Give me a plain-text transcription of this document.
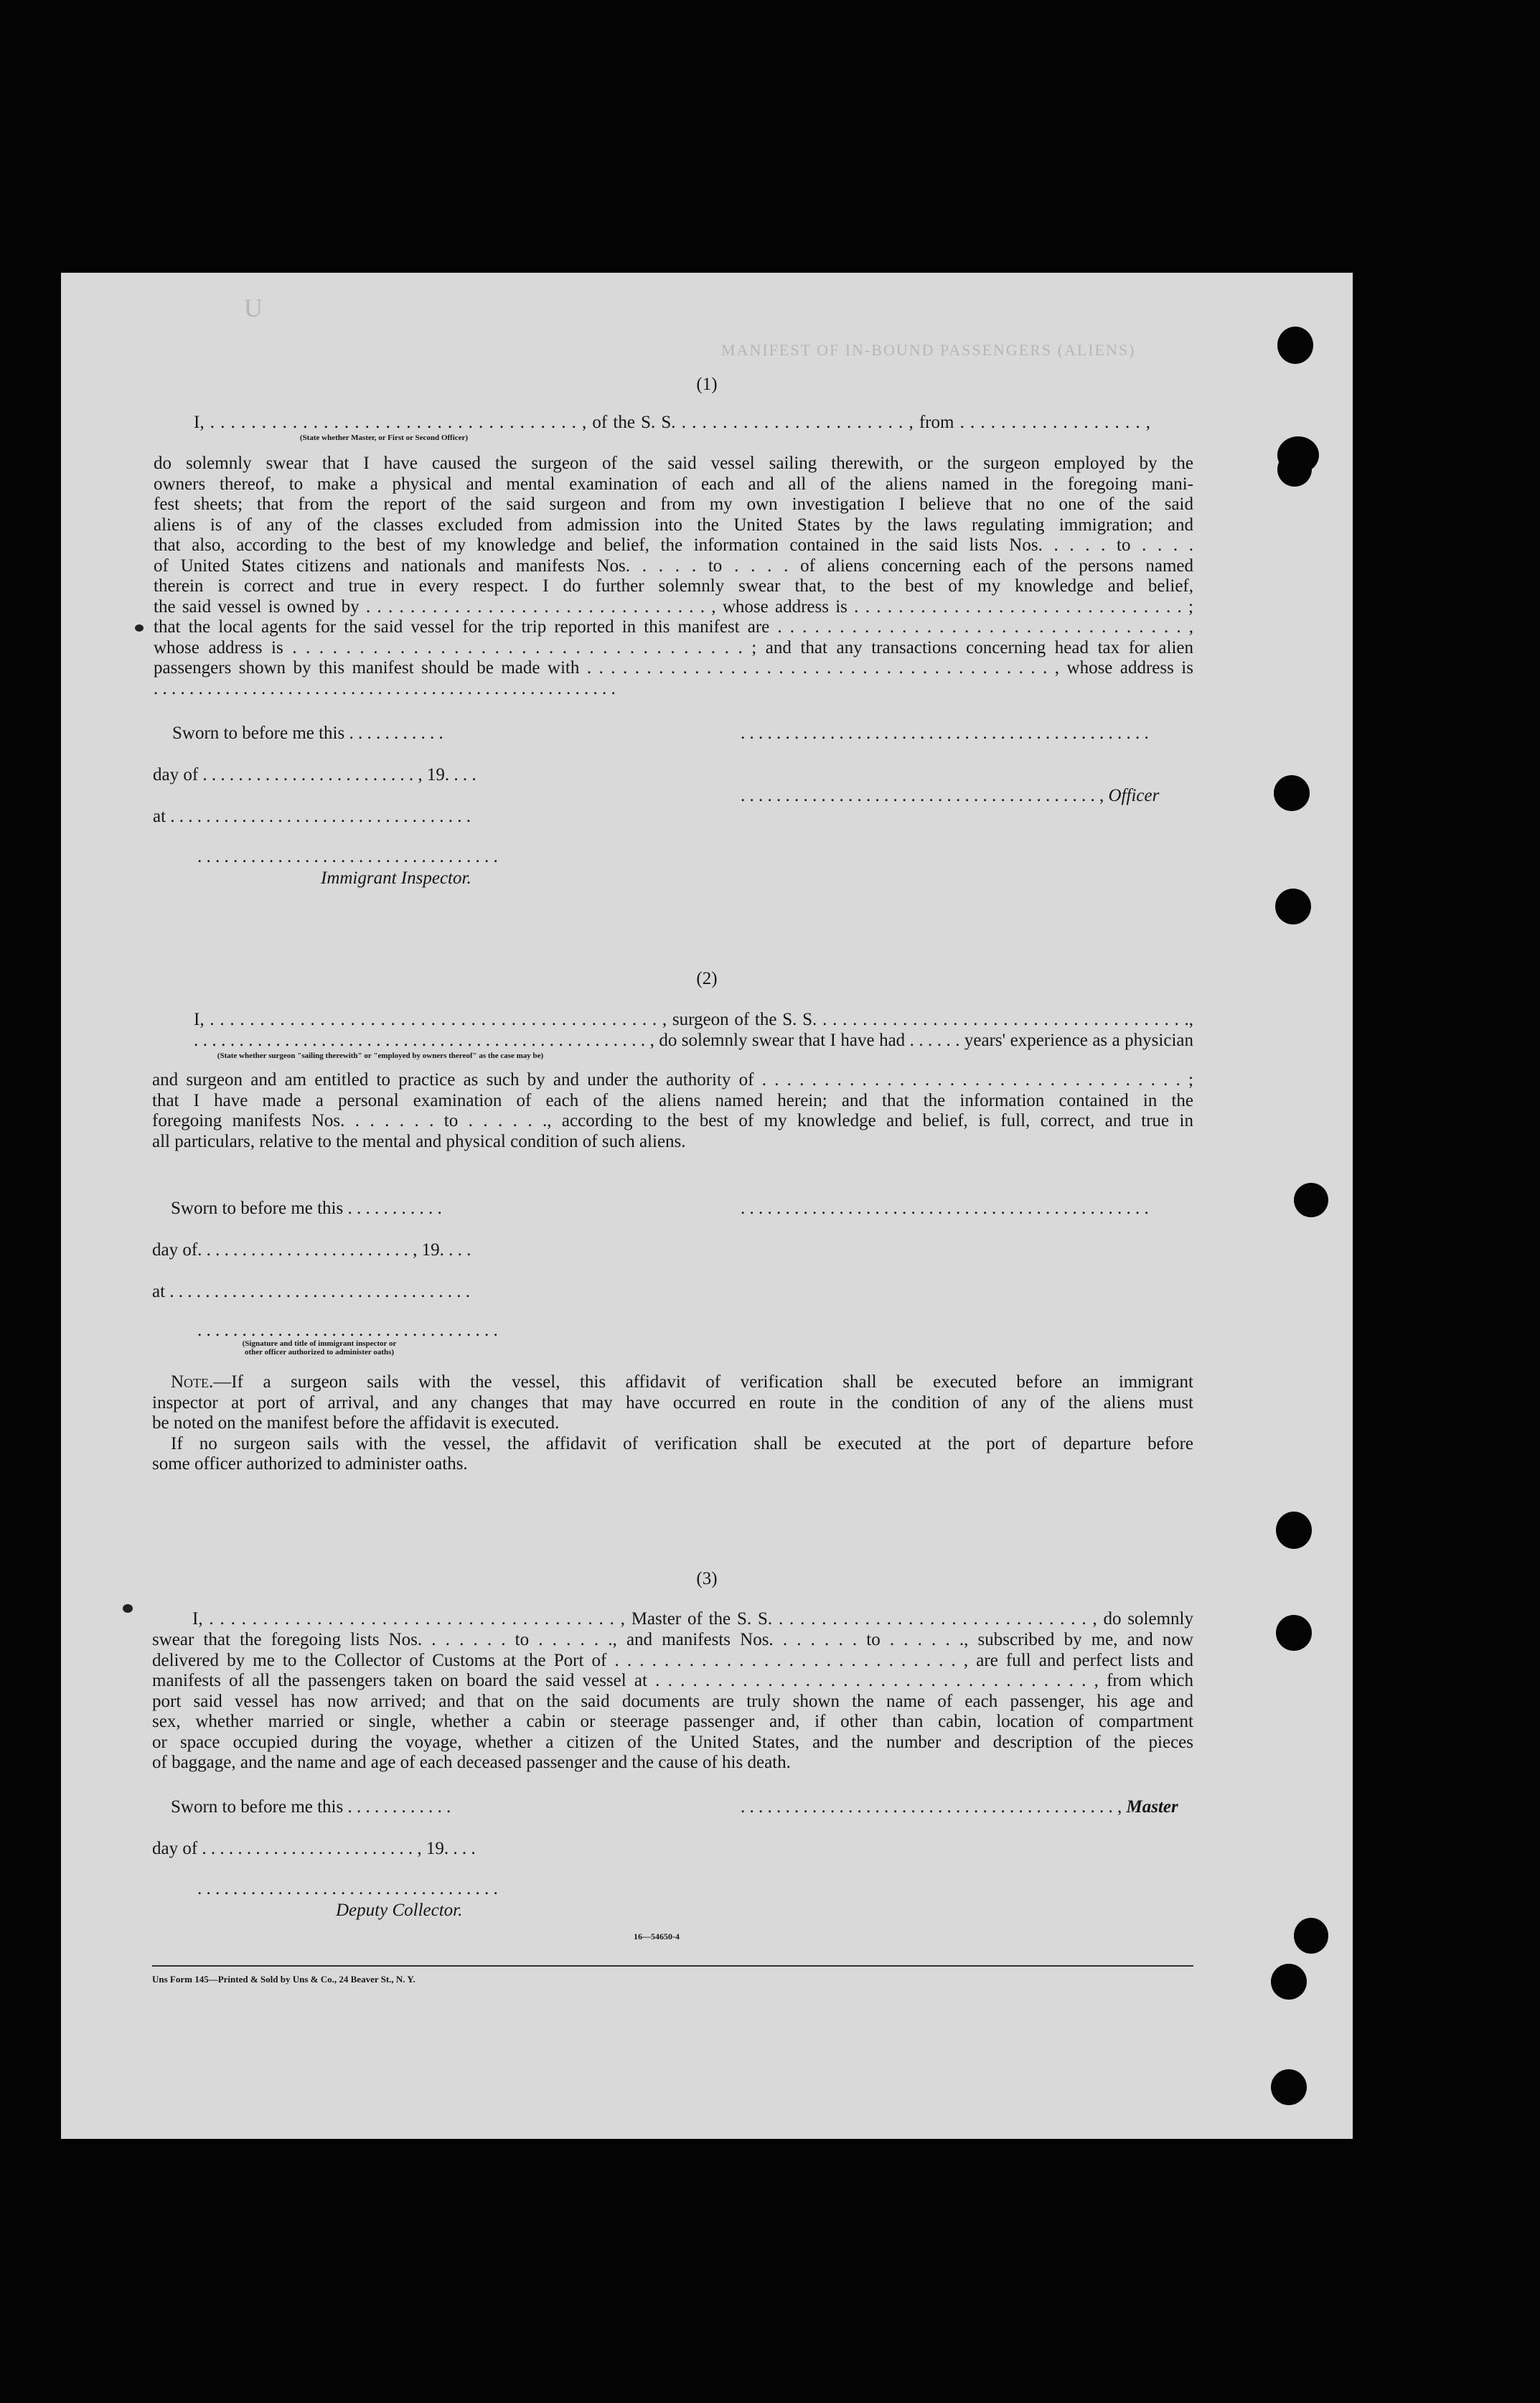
U
MANIFEST OF IN-BOUND PASSENGERS (ALIENS)
(1)
I, . . . . . . . . . . . . . . . . . . . . . . . . . . . . . . . . . . . . , of the S. S. . . . . . . . . . . . . . . . . . . . . . . , from . . . . . . . . . . . . . . . . . . ,
(State whether Master, or First or Second Officer)
do solemnly swear that I have caused the surgeon of the said vessel sailing therewith, or the surgeon employed by the
owners thereof, to make a physical and mental examination of each and all of the aliens named in the foregoing mani-
fest sheets; that from the report of the said surgeon and from my own investigation I believe that no one of the said
aliens is of any of the classes excluded from admission into the United States by the laws regulating immigration; and
that also, according to the best of my knowledge and belief, the information contained in the said lists Nos. . . . . to . . . .
of United States citizens and nationals and manifests Nos. . . . . to . . . . of aliens concerning each of the persons named
therein is correct and true in every respect. I do further solemnly swear that, to the best of my knowledge and belief,
the said vessel is owned by . . . . . . . . . . . . . . . . . . . . . . . . . . . . . . . , whose address is . . . . . . . . . . . . . . . . . . . . . . . . . . . . . . ;
that the local agents for the said vessel for the trip reported in this manifest are . . . . . . . . . . . . . . . . . . . . . . . . . . . . . . . . . ,
whose address is . . . . . . . . . . . . . . . . . . . . . . . . . . . . . . . . . . ; and that any transactions concerning head tax for alien
passengers shown by this manifest should be made with . . . . . . . . . . . . . . . . . . . . . . . . . . . . . . . . . . . . . . . , whose address is
. . . . . . . . . . . . . . . . . . . . . . . . . . . . . . . . . . . . . . . . . . . . . . . . . . . .
Sworn to before me this . . . . . . . . . . .	. . . . . . . . . . . . . . . . . . . . . . . . . . . . . . . . . . . . . . . . . . . . . .
day of . . . . . . . . . . . . . . . . . . . . . . . . , 19. . . .
. . . . . . . . . . . . . . . . . . . . . . . . . . . . . . . . . . . . . . . . , Officer
at . . . . . . . . . . . . . . . . . . . . . . . . . . . . . . . . . .
. . . . . . . . . . . . . . . . . . . . . . . . . . . . . . . . . .
Immigrant Inspector.
(2)
I, . . . . . . . . . . . . . . . . . . . . . . . . . . . . . . . . . . . . . . . . . . . . . , surgeon of the S. S. . . . . . . . . . . . . . . . . . . . . . . . . . . . . . . . . . . . . .,
. . . . . . . . . . . . . . . . . . . . . . . . . . . . . . . . . . . . . . . . . . . . . . . . . . , do solemnly swear that I have had . . . . . . years' experience as a physician
(State whether surgeon "sailing therewith" or "employed by owners thereof" as the case may be)
and surgeon and am entitled to practice as such by and under the authority of . . . . . . . . . . . . . . . . . . . . . . . . . . . . . . . . . . ;
that I have made a personal examination of each of the aliens named herein; and that the information contained in the
foregoing manifests Nos. . . . . . . to . . . . . ., according to the best of my knowledge and belief, is full, correct, and true in
all particulars, relative to the mental and physical condition of such aliens.
Sworn to before me this . . . . . . . . . . .	. . . . . . . . . . . . . . . . . . . . . . . . . . . . . . . . . . . . . . . . . . . . . .
day of. . . . . . . . . . . . . . . . . . . . . . . . , 19. . . .
at . . . . . . . . . . . . . . . . . . . . . . . . . . . . . . . . . .
. . . . . . . . . . . . . . . . . . . . . . . . . . . . . . . . . .
(Signature and title of immigrant inspector or
other officer authorized to administer oaths)
Note.—If a surgeon sails with the vessel, this affidavit of verification shall be executed before an immigrant
inspector at port of arrival, and any changes that may have occurred en route in the condition of any of the aliens must
be noted on the manifest before the affidavit is executed.
If no surgeon sails with the vessel, the affidavit of verification shall be executed at the port of departure before
some officer authorized to administer oaths.
(3)
I, . . . . . . . . . . . . . . . . . . . . . . . . . . . . . . . . . . . . . . , Master of the S. S. . . . . . . . . . . . . . . . . . . . . . . . . . . . . . , do solemnly
swear that the foregoing lists Nos. . . . . . . to . . . . . ., and manifests Nos. . . . . . . to . . . . . ., subscribed by me, and now
delivered by me to the Collector of Customs at the Port of . . . . . . . . . . . . . . . . . . . . . . . . . . . . , are full and perfect lists and
manifests of all the passengers taken on board the said vessel at . . . . . . . . . . . . . . . . . . . . . . . . . . . . . . . . . . . , from which
port said vessel has now arrived; and that on the said documents are truly shown the name of each passenger, his age and
sex, whether married or single, whether a cabin or steerage passenger and, if other than cabin, location of compartment
or space occupied during the voyage, whether a citizen of the United States, and the number and description of the pieces
of baggage, and the name and age of each deceased passenger and the cause of his death.
Sworn to before me this . . . . . . . . . . . .	. . . . . . . . . . . . . . . . . . . . . . . . . . . . . . . . . . . . . . . . . . , Master
day of . . . . . . . . . . . . . . . . . . . . . . . . , 19. . . .
. . . . . . . . . . . . . . . . . . . . . . . . . . . . . . . . . .
Deputy Collector.
16—54650-4
Uns Form 145—Printed & Sold by Uns & Co., 24 Beaver St., N. Y.
